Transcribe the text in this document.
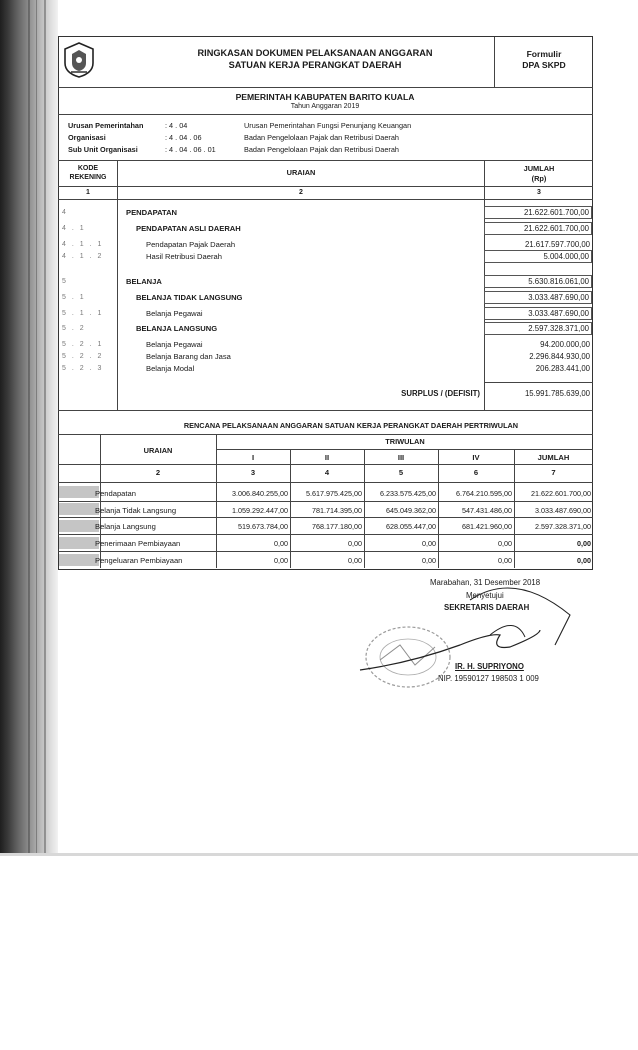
RINGKASAN DOKUMEN PELAKSANAAN ANGGARAN
SATUAN KERJA PERANGKAT DAERAH
Formulir
DPA SKPD
PEMERINTAH KABUPATEN BARITO KUALA
Tahun Anggaran 2019
Urusan Pemerintahan	: 4 . 04	Urusan Pemerintahan Fungsi Penunjang Keuangan
Organisasi	: 4 . 04 . 06	Badan Pengelolaan Pajak dan Retribusi Daerah
Sub Unit Organisasi	: 4 . 04 . 06 . 01	Badan Pengelolaan Pajak dan Retribusi Daerah
KODE
REKENING
URAIAN	JUMLAH
(Rp)
1	2	3
4	PENDAPATAN	21.622.601.700,00
4 . 1	PENDAPATAN ASLI DAERAH	21.622.601.700,00
4 . 1 . 1	Pendapatan Pajak Daerah	21.617.597.700,00
4 . 1 . 2	Hasil Retribusi Daerah	5.004.000,00
5	BELANJA	5.630.816.061,00
5 . 1	BELANJA TIDAK LANGSUNG	3.033.487.690,00
5 . 1 . 1	Belanja Pegawai	3.033.487.690,00
5 . 2	BELANJA LANGSUNG	2.597.328.371,00
5 . 2 . 1	Belanja Pegawai	94.200.000,00
5 . 2 . 2	Belanja Barang dan Jasa	2.296.844.930,00
5 . 2 . 3	Belanja Modal	206.283.441,00
SURPLUS / (DEFISIT)	15.991.785.639,00
RENCANA PELAKSANAAN ANGGARAN SATUAN KERJA PERANGKAT DAERAH PERTRIWULAN
URAIAN
TRIWULAN
I	II	III	IV	JUMLAH
2	3	4	5	6	7
Pendapatan	3.006.840.255,00	5.617.975.425,00	6.233.575.425,00	6.764.210.595,00	21.622.601.700,00
Belanja Tidak Langsung	1.059.292.447,00	781.714.395,00	645.049.362,00	547.431.486,00	3.033.487.690,00
Belanja Langsung	519.673.784,00	768.177.180,00	628.055.447,00	681.421.960,00	2.597.328.371,00
Penerimaan Pembiayaan	0,00	0,00	0,00	0,00	0,00
Pengeluaran Pembiayaan	0,00	0,00	0,00	0,00	0,00
Marabahan, 31 Desember 2018
Menyetujui
SEKRETARIS DAERAH
IR. H. SUPRIYONO
NIP. 19590127 198503 1 009
